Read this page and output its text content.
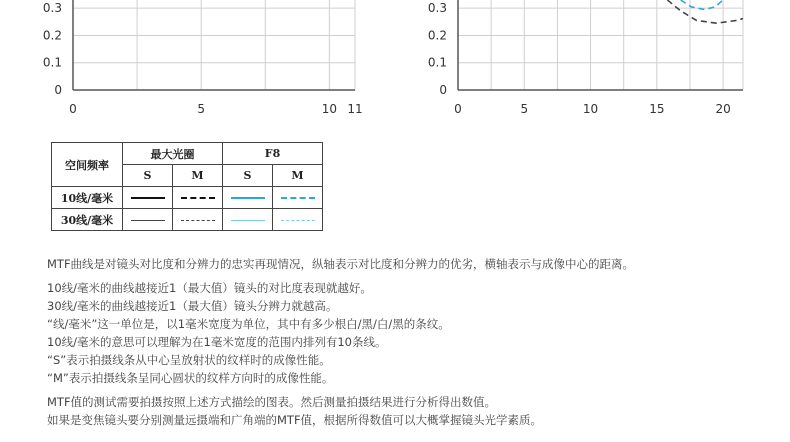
0
0.1
0.2
0.3
0	5	10 11
0
0.1
0.2
0.3
0	5	10	15	20
空间频率	最大光圈		F8	
	S	M	S	M
10线/毫米				
30线/毫米				
MTF曲线是对镜头对比度和分辨力的忠实再现情况，纵轴表示对比度和分辨力的优劣，横轴表示与成像中心的距离。
10线/毫米的曲线越接近1（最大值）镜头的对比度表现就越好。
30线/毫米的曲线越接近1（最大值）镜头分辨力就越高。
“线/毫米”这一单位是，以1毫米宽度为单位，其中有多少根白/黑/白/黑的条纹。
10线/毫米的意思可以理解为在1毫米宽度的范围内排列有10条线。
“S”表示拍摄线条从中心呈放射状的纹样时的成像性能。
“M”表示拍摄线条呈同心圆状的纹样方向时的成像性能。
MTF值的测试需要拍摄按照上述方式描绘的图表。然后测量拍摄结果进行分析得出数值。
如果是变焦镜头要分别测量远摄端和广角端的MTF值，根据所得数值可以大概掌握镜头光学素质。
